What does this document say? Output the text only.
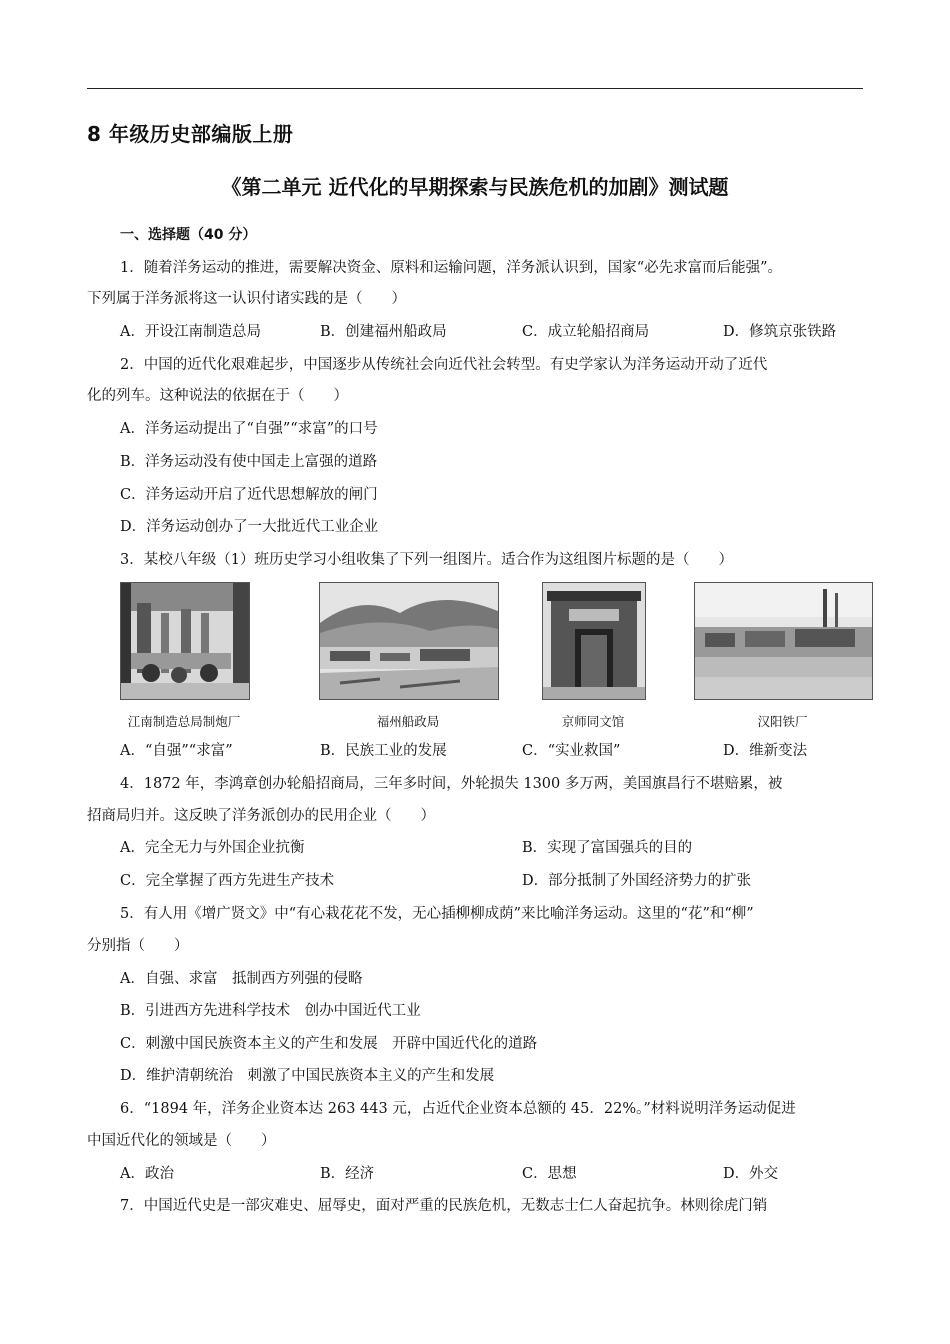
8 年级历史部编版上册
《第二单元 近代化的早期探索与民族危机的加剧》测试题
一、选择题（40 分）
1．随着洋务运动的推进，需要解决资金、原料和运输问题，洋务派认识到，国家“必先求富而后能强”。
下列属于洋务派将这一认识付诸实践的是（　　）
A．开设江南制造总局	B．创建福州船政局	C．成立轮船招商局	D．修筑京张铁路
2．中国的近代化艰难起步，中国逐步从传统社会向近代社会转型。有史学家认为洋务运动开动了近代
化的列车。这种说法的依据在于（　　）
A．洋务运动提出了“自强”“求富”的口号
B．洋务运动没有使中国走上富强的道路
C．洋务运动开启了近代思想解放的闸门
D．洋务运动创办了一大批近代工业企业
3．某校八年级（1）班历史学习小组收集了下列一组图片。适合作为这组图片标题的是（　　）
江南制造总局制炮厂	福州船政局	京师同文馆	汉阳铁厂
A．“自强”“求富”	B．民族工业的发展	C．“实业救国”	D．维新变法
4．1872 年，李鸿章创办轮船招商局，三年多时间，外轮损失 1300 多万两，美国旗昌行不堪赔累，被
招商局归并。这反映了洋务派创办的民用企业（　　）
A．完全无力与外国企业抗衡	B．实现了富国强兵的目的
C．完全掌握了西方先进生产技术	D．部分抵制了外国经济势力的扩张
5．有人用《增广贤文》中“有心栽花花不发，无心插柳柳成荫”来比喻洋务运动。这里的“花”和“柳”
分别指（　　）
A．自强、求富　抵制西方列强的侵略
B．引进西方先进科学技术　创办中国近代工业
C．刺激中国民族资本主义的产生和发展　开辟中国近代化的道路
D．维护清朝统治　刺激了中国民族资本主义的产生和发展
6．“1894 年，洋务企业资本达 263 443 元，占近代企业资本总额的 45．22%。”材料说明洋务运动促进
中国近代化的领域是（　　）
A．政治	B．经济	C．思想	D．外交
7．中国近代史是一部灾难史、屈辱史，面对严重的民族危机，无数志士仁人奋起抗争。林则徐虎门销
